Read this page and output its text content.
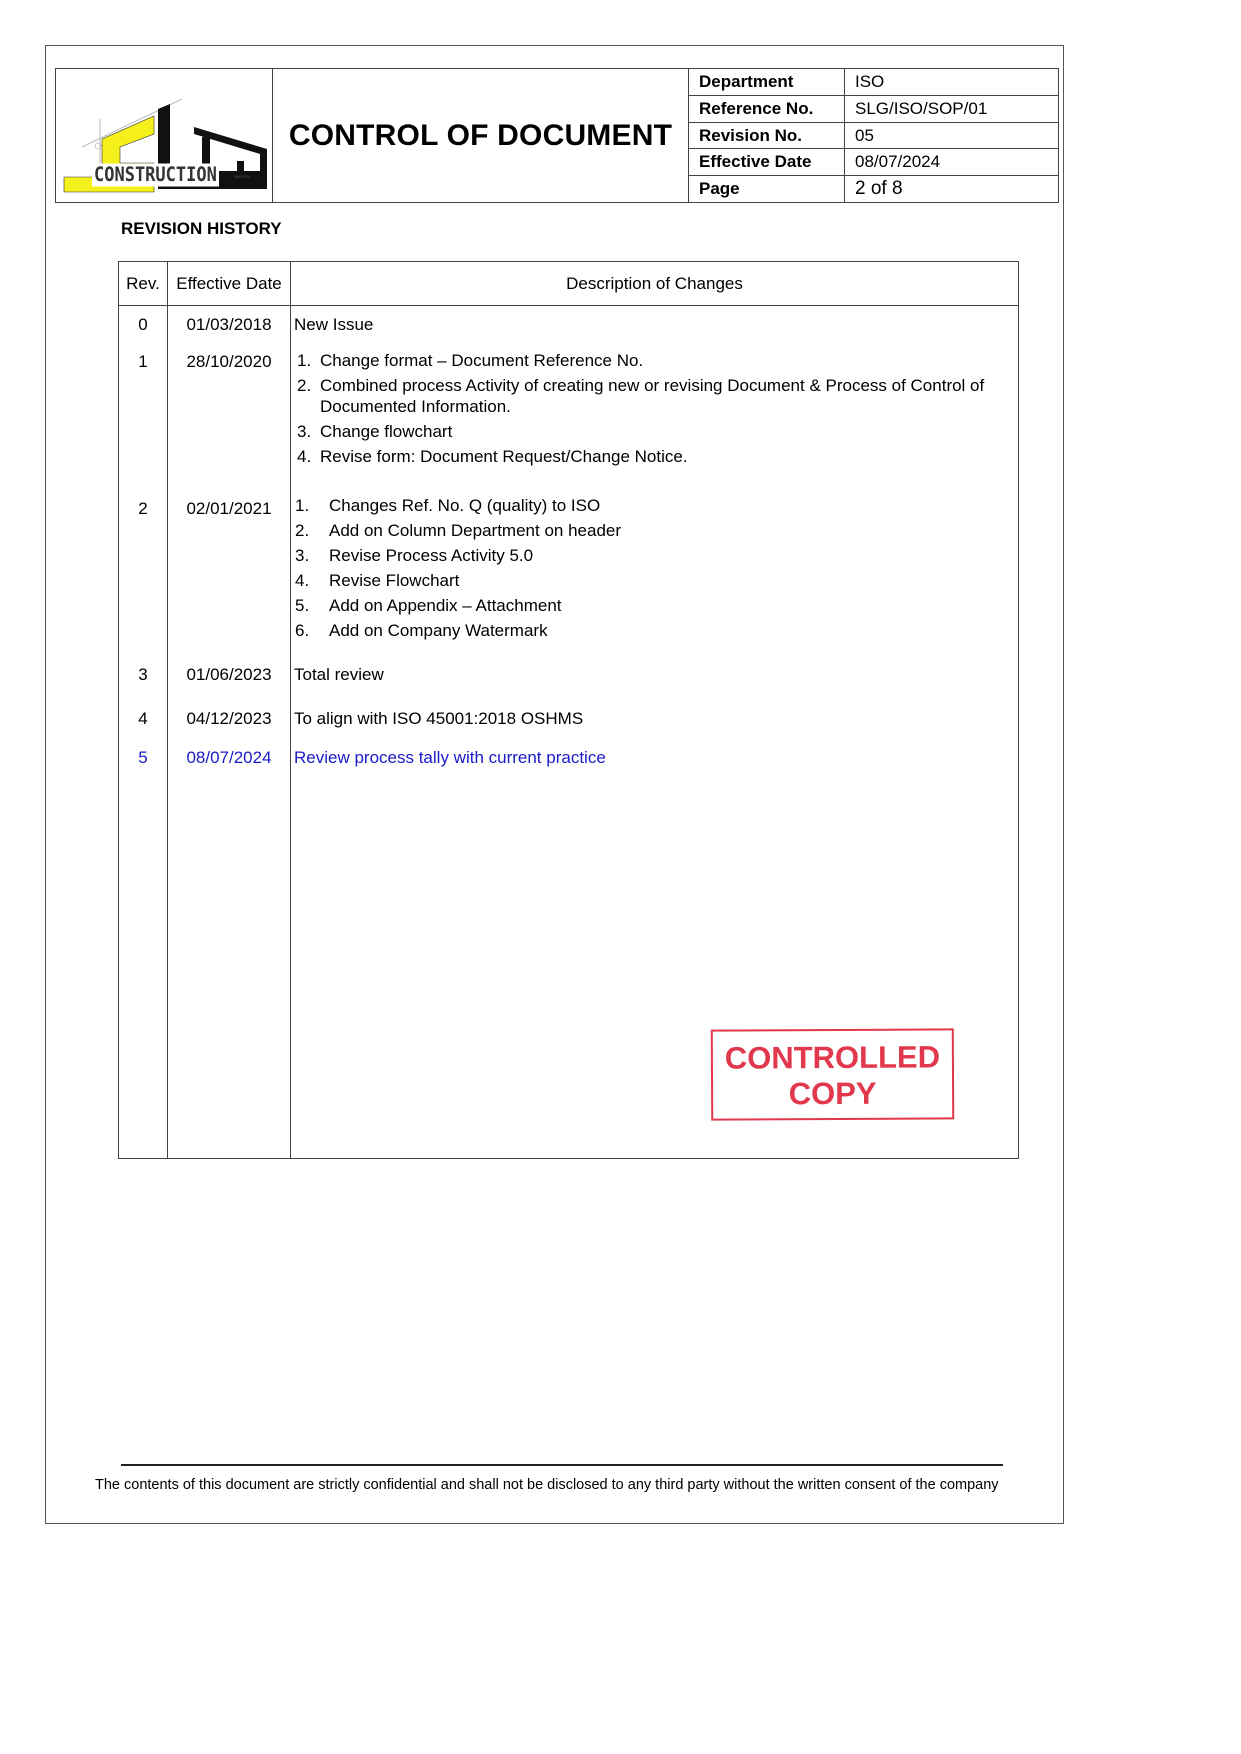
CONSTRUCTION SAKEDY	CONTROL OF DOCUMENT	Department	ISO
		Reference No.	SLG/ISO/SOP/01
		Revision No.	05
		Effective Date	08/07/2024
		Page	2 of 8
REVISION HISTORY
Rev.	Effective Date	Description of Changes
0	01/03/2018	New Issue
1	28/10/2020	1. Change format – Document Reference No.
2. Combined process Activity of creating new or revising Document & Process of Control of Documented Information.
3. Change flowchart
4. Revise form: Document Request/Change Notice.

2	02/01/2021	1.	Changes Ref. No. Q (quality) to ISO
2.	Add on Column Department on header
3.	Revise Process Activity 5.0
4.	Revise Flowchart
5.	Add on Appendix – Attachment
6.	Add on Company Watermark

3	01/06/2023	Total review
4	04/12/2023	To align with ISO 45001:2018 OSHMS
5	08/07/2024	Review process tally with current practice
CONTROLLED
COPY
The contents of this document are strictly confidential and shall not be disclosed to any third party without the written consent of the company
